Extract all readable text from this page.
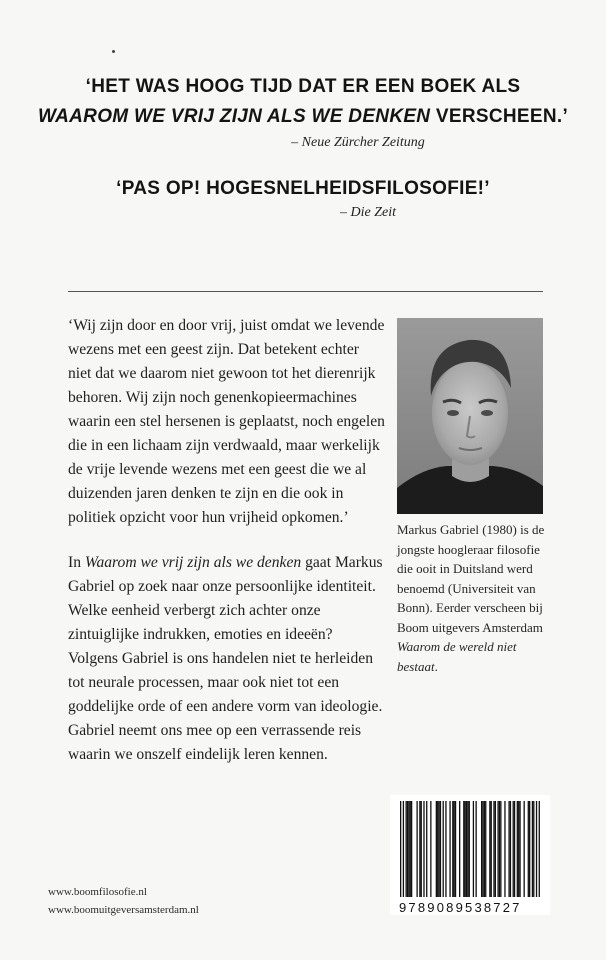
‘HET WAS HOOG TIJD DAT ER EEN BOEK ALS
WAAROM WE VRIJ ZIJN ALS WE DENKEN VERSCHEEN.’
– Neue Zürcher Zeitung
‘PAS OP! HOGESNELHEIDSFILOSOFIE!’
– Die Zeit

‘Wij zijn door en door vrij, juist omdat we levende wezens met een geest zijn. Dat betekent echter niet dat we daarom niet gewoon tot het dierenrijk behoren. Wij zijn noch genenkopieermachines waarin een stel hersenen is geplaatst, noch engelen die in een lichaam zijn verdwaald, maar werkelijk de vrije levende wezens met een geest die we al duizenden jaren denken te zijn en die ook in politiek opzicht voor hun vrijheid opkomen.’

In Waarom we vrij zijn als we denken gaat Markus Gabriel op zoek naar onze persoonlijke identiteit. Welke eenheid verbergt zich achter onze zintuiglijke indrukken, emoties en ideeën? Volgens Gabriel is ons handelen niet te herleiden tot neurale processen, maar ook niet tot een goddelijke orde of een andere vorm van ideologie. Gabriel neemt ons mee op een verrassende reis waarin we onszelf eindelijk leren kennen.

Markus Gabriel (1980) is de jongste hoogleraar filosofie die ooit in Duitsland werd benoemd (Universiteit van Bonn). Eerder verscheen bij Boom uitgevers Amsterdam Waarom de wereld niet bestaat.
www.boomfilosofie.nl
www.boomuitgeversamsterdam.nl	9789089538727
